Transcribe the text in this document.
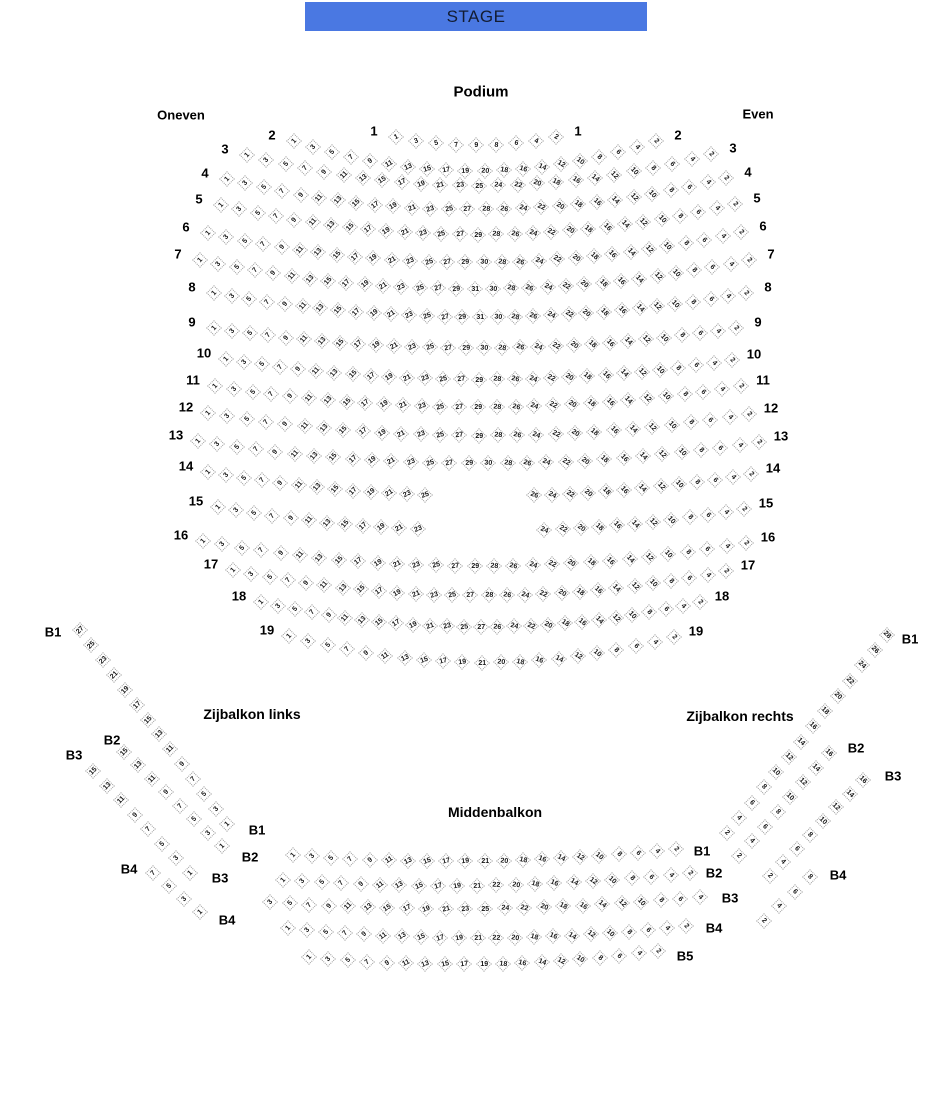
STAGE
Podium
Oneven	Even
Zijbalkon links	Zijbalkon rechts
Middenbalkon
1 3 5 7 9 8 6 4 2
1	1
1
3
5
7
9 11 13 15 17 19 20 18 16 14 12 10 8
6
4
2
2	2
1
3
5
7
9 11 13 15 17 19 21 23 25 24 22 20 18 16 14 12 10 8
6
4
2
3	3
1
3
5
7
9 11 13 15 17 19 21 23 25 27 28 26 24 22 20 18 16 14 12 10 8 6
4
2
4	4
1
3
5 7
9 11 13 15 17 19 21 23 25 27 29 28 26 24 22 20 18 16 14 12 10 8
6
4
2
5	5
1
3
5 7 9 11 13 15 17 19 21 23 25 27 29 30 28 26 24 22 20 18 16 14 12 10 8 6
4
2
6	6
1
3 5 7 9 11 13 15 17 19 21 23 25 27 29 31 30 28 26 24 22 20 18 16 14 12 10 8 6 4
2
7	7
1 3 5 7 9 11 13 15 17 19 21 23 25 27 29 31 30 28 26 24 22 20 18 16 14 12 10 8 6 4 2
8	8
1 3 5 7 9 11 13 15 17 19 21 23 25 27 29 30 28 26 24 22 20 18 16 14 12 10 8 6 4 2
9	9
1 3 5 7 9 11 13 15 17 19 21 23 25 27 29 28 26 24 22 20 18 16 14 12 10 8 6 4 2
10	10
1 3 5 7 9 11 13 15 17 19 21 23 25 27 29 28 26 24 22 20 18 16 14 12 10 8 6 4 2
11	11
1 3 5 7 9 11 13 15 17 19 21 23 25 27 29 28 26 24 22 20 18 16 14 12 10 8 6 4 2
12	12
1 3 5 7 9 11 13 15 17 19 21 23 25 27 29 30 28 26 24 22 20 18 16 14 12 10 8 6 4 2
13	13
1 3 5 7 9 11 13 15 17 19 21 23 25	26 24 22 20 18 16 14 12 10 8 6 4 2
14	14
1 3 5 7 9 11 13 15 17 19 21 23	24 22 20 18 16 14 12 10 8 6 4 2
15	15
1 3
5 7 9 11 13 15 17 19 21 23 25 27 29 28 26 24 22 20 18 16 14 12 10 8 6 4 2
16	16
1
3 5 7 9 11 13 15 17 19 21 23 25 27 28 26 24 22 20 18 16 14 12 10 8 6 4
2
17	17
1
3 5 7 9 11 13 15 17 19 21 23 25 27 26 24 22 20 18 16 14 12 10 8 6 4
2
18	18
1
3
5
7
9 11 13 15 17 19 21 20 18 16 14 12 10 8
6
4
2
19	19
27
25
23
21
19
17
15
13
11
9
7
5
3
1
B1
B1
15
13
11
9
7
5
3
1
B2
B2
15
13
11
9
7
5
3
1
B3
B3
7
5
3
1
B4
B4
28
26
24
22
20
18
16
14
12
10
8
6
4
2
B1
16
14
12
10
8
6
4
2
B2
16
14
12
10
8
6
4
2
B3
8
6
4
2
B4
1 3 5 7 9 11 13 15 17 19 21 20 18 16 14 12 10 8 6 4 2 B1
1 3 5 7 9 11 13 15 17 19 21 22 20 18 16 14 12 10 8 6 4 2 B2
3 5 7 9 11 13 15 17 19 21 23 25 24 22 20 18 16 14 12 10 8 6 4 B3
1 3 5 7 9 11 13 15 17 19 21 22 20 18 16 14 12 10 8 6 4 2 B4
1 3 5 7 9 11 13 15 17 19 18 16 14 12 10 8 6 4 2 B5
